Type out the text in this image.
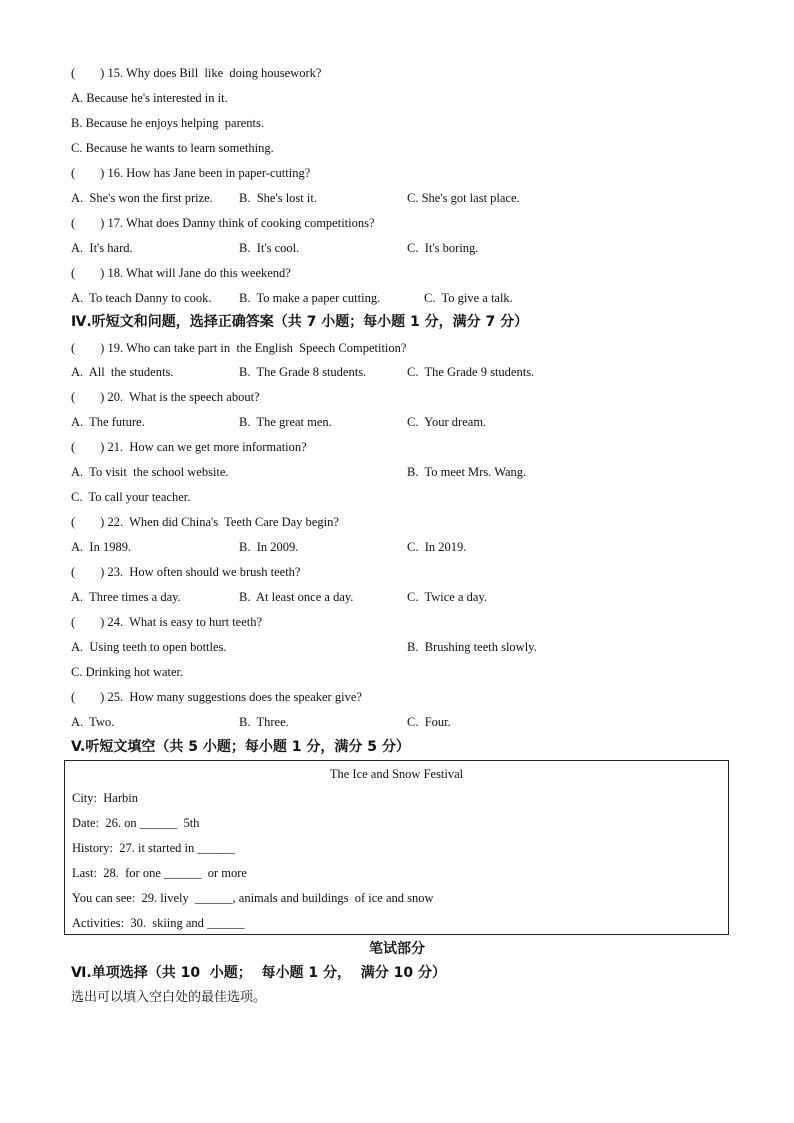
(        ) 15. Why does Bill  like  doing housework?
A. Because he's interested in it.
B. Because he enjoys helping  parents.
C. Because he wants to learn something.
(        ) 16. How has Jane been in paper-cutting?
A.  She's won the first prize. B.  She's lost it.	C. She's got last place.
(        ) 17. What does Danny think of cooking competitions?
A.  It's hard.	B.  It's cool.	C.  It's boring.
(        ) 18. What will Jane do this weekend?
A.  To teach Danny to cook. B.  To make a paper cutting.	C.  To give a talk.
Ⅳ.听短文和问题，选择正确答案（共 7 小题；每小题 1 分，满分 7 分）
(        ) 19. Who can take part in  the English  Speech Competition?
A.  All  the students.	B.  The Grade 8 students.	C.  The Grade 9 students.
(        ) 20.  What is the speech about?
A.  The future.	B.  The great men.	C.  Your dream.
(        ) 21.  How can we get more information?
A.  To visit  the school website.	B.  To meet Mrs. Wang.
C.  To call your teacher.
(        ) 22.  When did China's  Teeth Care Day begin?
A.  In 1989.	B.  In 2009.	C.  In 2019.
(        ) 23.  How often should we brush teeth?
A.  Three times a day.	B.  At least once a day.	C.  Twice a day.
(        ) 24.  What is easy to hurt teeth?
A.  Using teeth to open bottles.	B.  Brushing teeth slowly.
C. Drinking hot water.
(        ) 25.  How many suggestions does the speaker give?
A.  Two.	B.  Three.	C.  Four.
V.听短文填空（共 5 小题；每小题 1 分，满分 5 分）
The Ice and Snow Festival
City:  Harbin
Date:  26. on ______  5th
History:  27. it started in ______
Last:  28.  for one ______  or more
You can see:  29. lively  ______, animals and buildings  of ice and snow
Activities:  30.  skiing and ______
笔试部分
Ⅵ.单项选择（共 10  小题；  每小题 1 分，  满分 10 分）
选出可以填入空白处的最佳选项。
